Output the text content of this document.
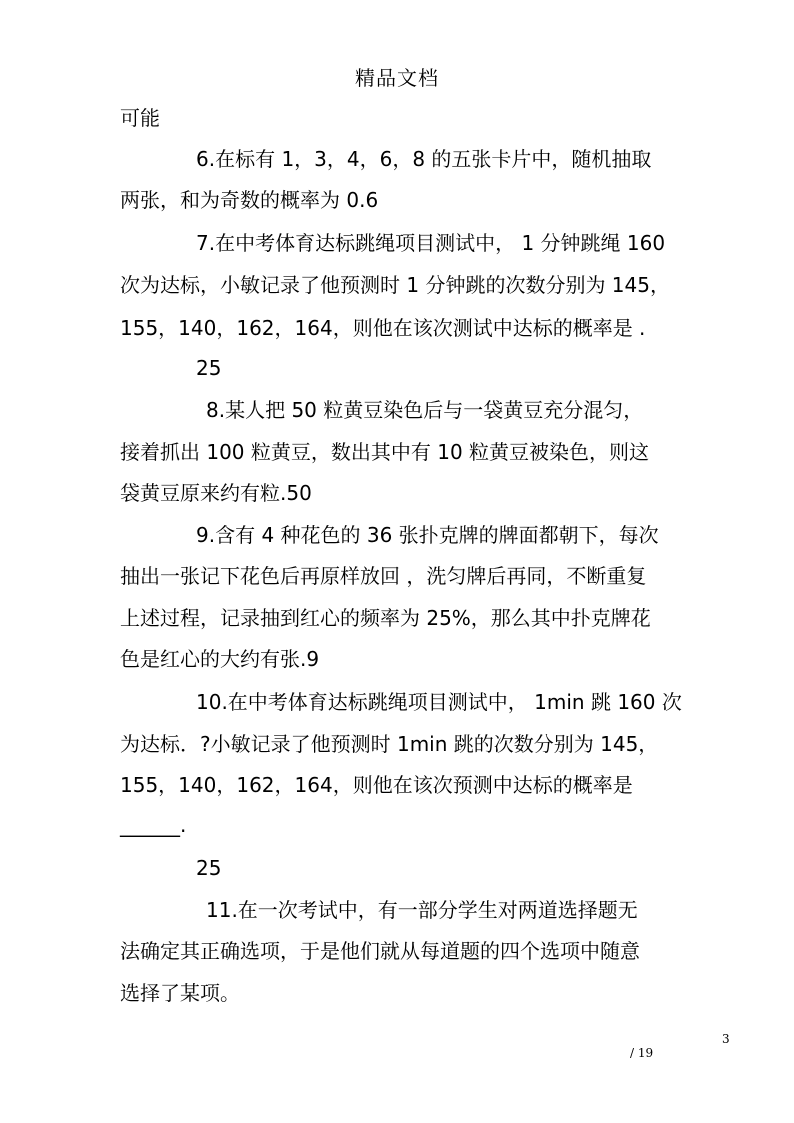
精品文档
可能
6.在标有 1，3，4，6，8 的五张卡片中，随机抽取
两张，和为奇数的概率为 0.6
7.在中考体育达标跳绳项目测试中， 1 分钟跳绳 160
次为达标，小敏记录了他预测时 1 分钟跳的次数分别为 145，
155，140，162，164，则他在该次测试中达标的概率是 .
25
8.某人把 50 粒黄豆染色后与一袋黄豆充分混匀，
接着抓出 100 粒黄豆，数出其中有 10 粒黄豆被染色，则这
袋黄豆原来约有粒.50
9.含有 4 种花色的 36 张扑克牌的牌面都朝下，每次
抽出一张记下花色后再原样放回 ，洗匀牌后再同，不断重复
上述过程，记录抽到红心的频率为 25%，那么其中扑克牌花
色是红心的大约有张.9
10.在中考体育达标跳绳项目测试中， 1min 跳 160 次
为达标．?小敏记录了他预测时 1min 跳的次数分别为 145，
155，140，162，164，则他在该次预测中达标的概率是
______.
25
11.在一次考试中，有一部分学生对两道选择题无
法确定其正确选项，于是他们就从每道题的四个选项中随意
选择了某项。
3
/ 19
